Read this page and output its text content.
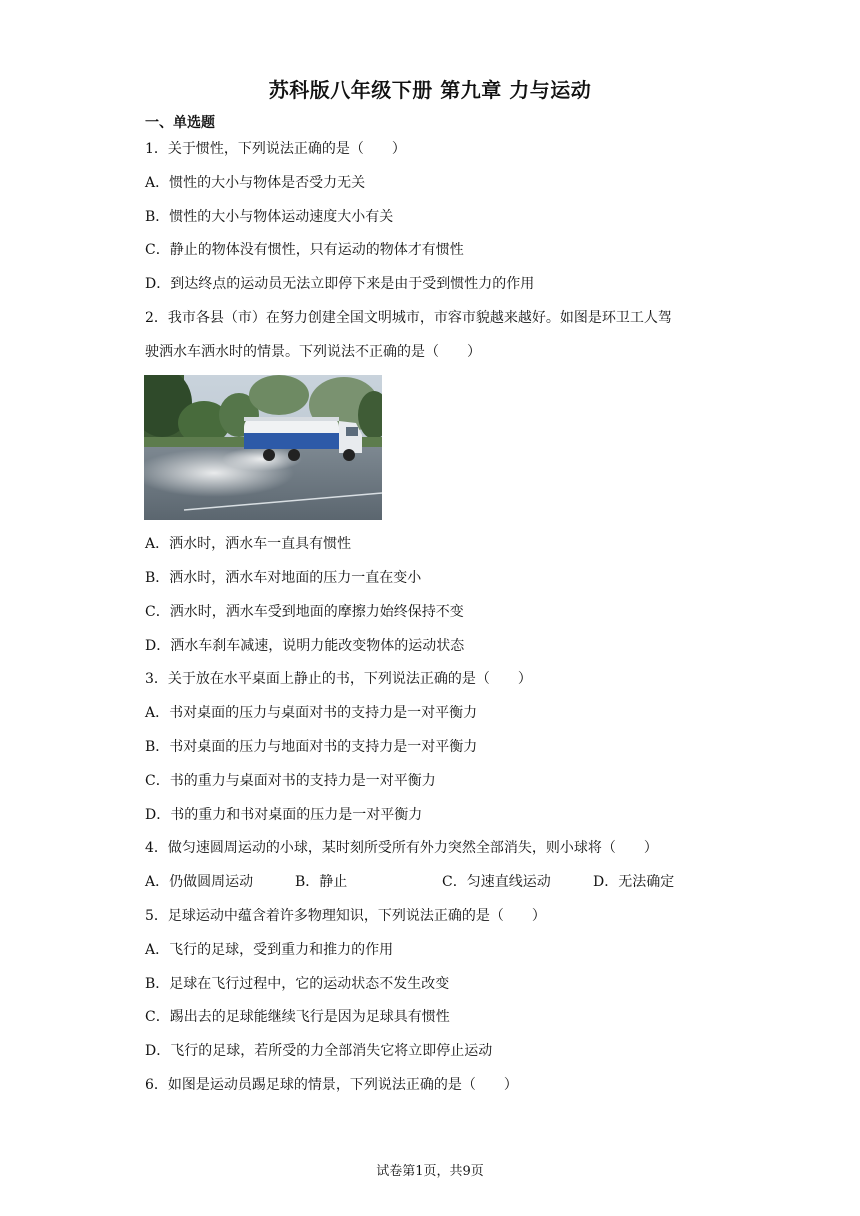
苏科版八年级下册 第九章 力与运动
一、单选题
1．关于惯性，下列说法正确的是（　　）
A．惯性的大小与物体是否受力无关
B．惯性的大小与物体运动速度大小有关
C．静止的物体没有惯性，只有运动的物体才有惯性
D．到达终点的运动员无法立即停下来是由于受到惯性力的作用
2．我市各县（市）在努力创建全国文明城市，市容市貌越来越好。如图是环卫工人驾
驶洒水车洒水时的情景。下列说法不正确的是（　　）
A．洒水时，洒水车一直具有惯性
B．洒水时，洒水车对地面的压力一直在变小
C．洒水时，洒水车受到地面的摩擦力始终保持不变
D．洒水车刹车减速，说明力能改变物体的运动状态
3．关于放在水平桌面上静止的书，下列说法正确的是（　　）
A．书对桌面的压力与桌面对书的支持力是一对平衡力
B．书对桌面的压力与地面对书的支持力是一对平衡力
C．书的重力与桌面对书的支持力是一对平衡力
D．书的重力和书对桌面的压力是一对平衡力
4．做匀速圆周运动的小球，某时刻所受所有外力突然全部消失，则小球将（　　）
A．仍做圆周运动	B．静止	C．匀速直线运动	D．无法确定
5．足球运动中蕴含着许多物理知识，下列说法正确的是（　　）
A．飞行的足球，受到重力和推力的作用
B．足球在飞行过程中，它的运动状态不发生改变
C．踢出去的足球能继续飞行是因为足球具有惯性
D．飞行的足球，若所受的力全部消失它将立即停止运动
6．如图是运动员踢足球的情景，下列说法正确的是（　　）
试卷第1页，共9页
